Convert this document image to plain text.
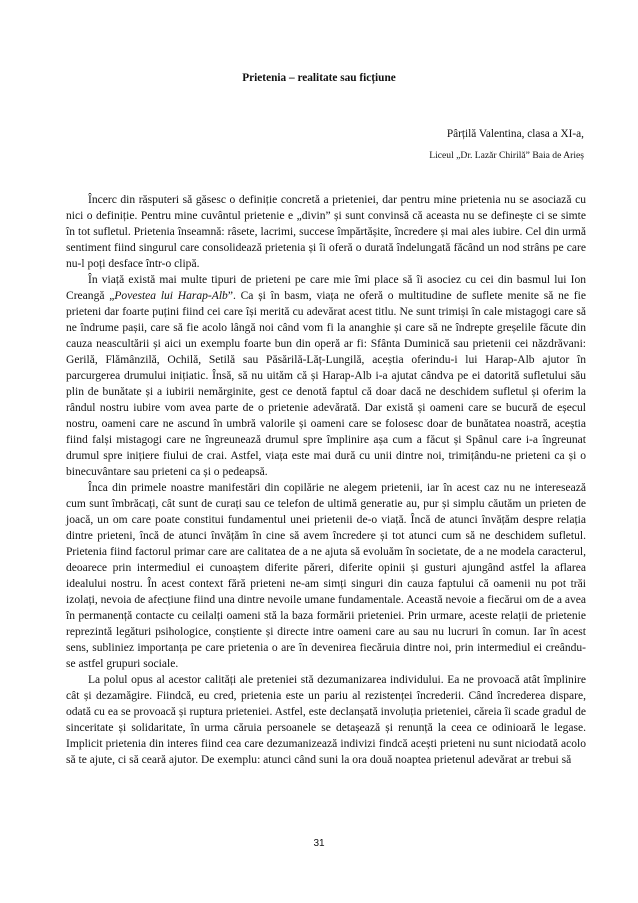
Prietenia – realitate sau ficțiune
Pârțilă Valentina, clasa a XI-a,
Liceul „Dr. Lazăr Chirilă” Baia de Arieș

Încerc din răsputeri să găsesc o definiție concretă a prieteniei, dar pentru mine prietenia nu se asociază cu nici o definiție. Pentru mine cuvântul prietenie e „divin” și sunt convinsă că aceasta nu se definește ci se simte în tot sufletul. Prietenia înseamnă: râsete, lacrimi, succese împărtășite, încredere și mai ales iubire. Cel din urmă sentiment fiind singurul care consolidează prietenia și îi oferă o durată îndelungată făcând un nod strâns pe care nu-l poți desface într-o clipă.

În viață există mai multe tipuri de prieteni pe care mie îmi place să îi asociez cu cei din basmul lui Ion Creangă „Povestea lui Harap-Alb”. Ca și în basm, viața ne oferă o multitudine de suflete menite să ne fie prieteni dar foarte puțini fiind cei care își merită cu adevărat acest titlu. Ne sunt trimiși în cale mistagogi care să ne îndrume pașii, care să fie acolo lângă noi când vom fi la ananghie și care să ne îndrepte greșelile făcute din cauza neascultării și aici un exemplu foarte bun din operă ar fi: Sfânta Duminică sau prietenii cei năzdrăvani: Gerilă, Flămânzilă, Ochilă, Setilă sau Păsărilă-Lăț-Lungilă, aceștia oferindu-i lui Harap-Alb ajutor în parcurgerea drumului inițiatic. Însă, să nu uităm că și Harap-Alb i-a ajutat cândva pe ei datorită sufletului său plin de bunătate și a iubirii nemărginite, gest ce denotă faptul că doar dacă ne deschidem sufletul și oferim la rândul nostru iubire vom avea parte de o prietenie adevărată. Dar există și oameni care se bucură de eșecul nostru, oameni care ne ascund în umbră valorile și oameni care se folosesc doar de bunătatea noastră, aceștia fiind falși mistagogi care ne îngreunează drumul spre împlinire așa cum a făcut și Spânul care i-a îngreunat drumul spre inițiere fiului de crai. Astfel, viața este mai dură cu unii dintre noi, trimițându-ne prieteni ca și o binecuvântare sau prieteni ca și o pedeapsă.

Înca din primele noastre manifestări din copilărie ne alegem prietenii, iar în acest caz nu ne interesează cum sunt îmbrăcați, cât sunt de curați sau ce telefon de ultimă generatie au, pur și simplu căutăm un prieten de joacă, un om care poate constitui fundamentul unei prietenii de-o viață. Încă de atunci învățăm despre relația dintre prieteni, încă de atunci învățăm în cine să avem încredere și tot atunci cum să ne deschidem sufletul. Prietenia fiind factorul primar care are calitatea de a ne ajuta să evoluăm în societate, de a ne modela caracterul, deoarece prin intermediul ei cunoaștem diferite păreri, diferite opinii și gusturi ajungând astfel la aflarea idealului nostru. În acest context fără prieteni ne-am simți singuri din cauza faptului că oamenii nu pot trăi izolați, nevoia de afecțiune fiind una dintre nevoile umane fundamentale. Această nevoie a fiecărui om de a avea în permanență contacte cu ceilalți oameni stă la baza formării prieteniei. Prin urmare, aceste relații de prietenie reprezintă legături psihologice, conștiente și directe intre oameni care au sau nu lucruri în comun. Iar în acest sens, subliniez importanța pe care prietenia o are în devenirea fiecăruia dintre noi, prin intermediul ei creându-se astfel grupuri sociale.

La polul opus al acestor calități ale preteniei stă dezumanizarea individului. Ea ne provoacă atât împlinire cât și dezamăgire. Fiindcă, eu cred, prietenia este un pariu al rezistenței încrederii. Când încrederea dispare, odată cu ea se provoacă și ruptura prieteniei. Astfel, este declanșată involuția prieteniei, căreia îi scade gradul de sinceritate și solidaritate, în urma căruia persoanele se detașează și renunță la ceea ce odinioară le legase. Implicit prietenia din interes fiind cea care dezumanizează indivizi findcă acești prieteni nu sunt niciodată acolo să te ajute, ci să ceară ajutor. De exemplu: atunci când suni la ora două noaptea prietenul adevărat ar trebui să

31
